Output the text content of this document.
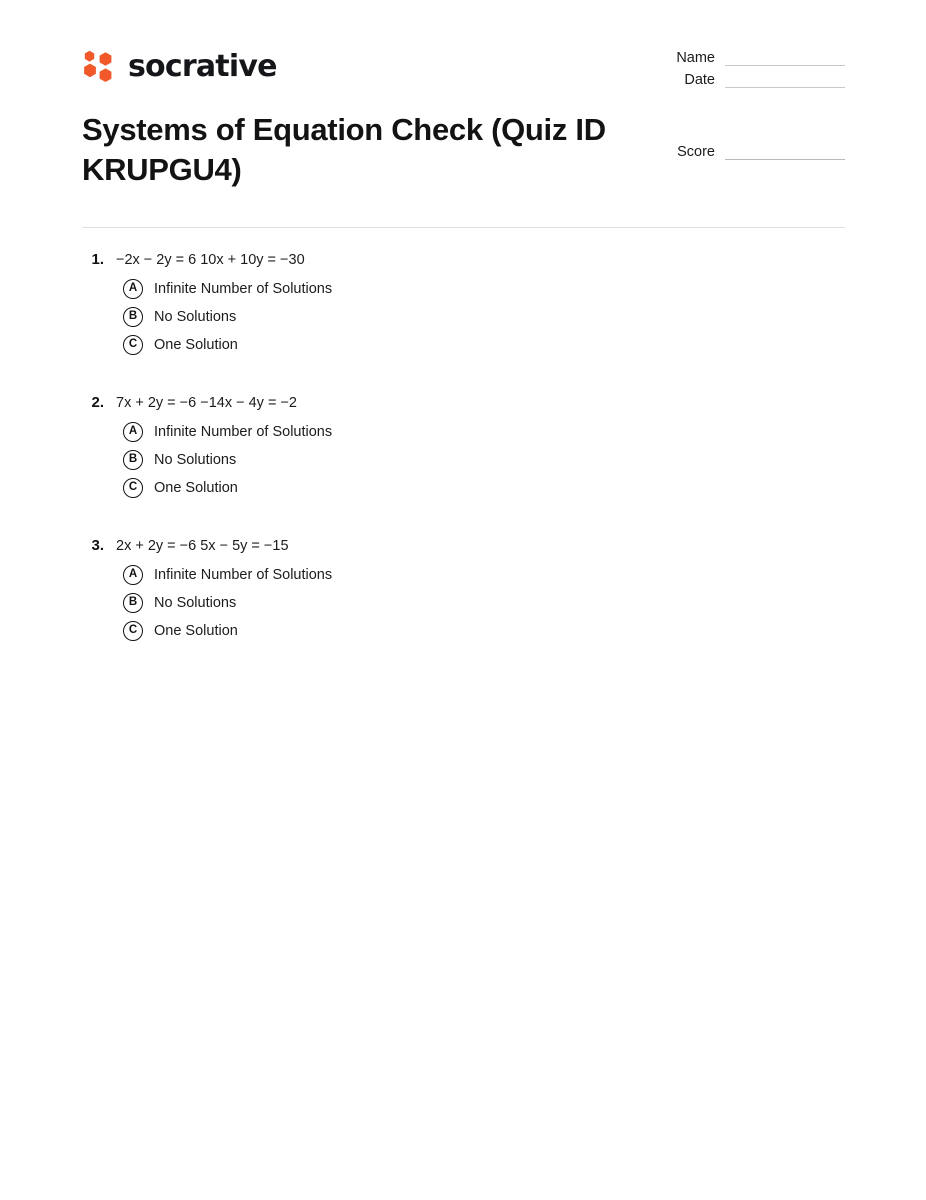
socrative	Name
Date
Score
Systems of Equation Check (Quiz ID KRUPGU4)
1. −2x − 2y = 6 10x + 10y = −30
A	Infinite Number of Solutions
B	No Solutions
C	One Solution
2. 7x + 2y = −6 −14x − 4y = −2
A	Infinite Number of Solutions
B	No Solutions
C	One Solution
3. 2x + 2y = −6 5x − 5y = −15
A	Infinite Number of Solutions
B	No Solutions
C	One Solution
